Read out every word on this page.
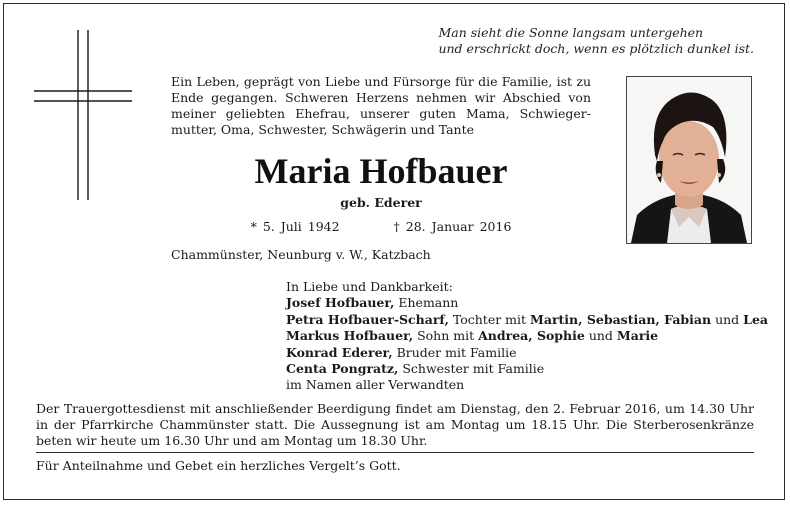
Man sieht die Sonne langsam untergehen
und erschrickt doch, wenn es plötzlich dunkel ist.
Ein Leben, geprägt von Liebe und Fürsorge für die Familie, ist zu Ende gegangen. Schweren Herzens nehmen wir Abschied von meiner geliebten Ehefrau, unserer guten Mama, Schwiegermutter, Oma, Schwester, Schwägerin und Tante
Maria Hofbauer
geb. Ederer
* 5. Juli 1942	† 28. Januar 2016
Chammünster, Neunburg v. W., Katzbach
In Liebe und Dankbarkeit:
Josef Hofbauer, Ehemann
Petra Hofbauer-Scharf, Tochter mit Martin, Sebastian, Fabian und Lea
Markus Hofbauer, Sohn mit Andrea, Sophie und Marie
Konrad Ederer, Bruder mit Familie
Centa Pongratz, Schwester mit Familie
im Namen aller Verwandten
Der Trauergottesdienst mit anschließender Beerdigung findet am Dienstag, den 2. Februar 2016, um 14.30 Uhr in der Pfarrkirche Chammünster statt. Die Aussegnung ist am Montag um 18.15 Uhr. Die Sterberosenkränze beten wir heute um 16.30 Uhr und am Montag um 18.30 Uhr.
Für Anteilnahme und Gebet ein herzliches Vergelt’s Gott.
